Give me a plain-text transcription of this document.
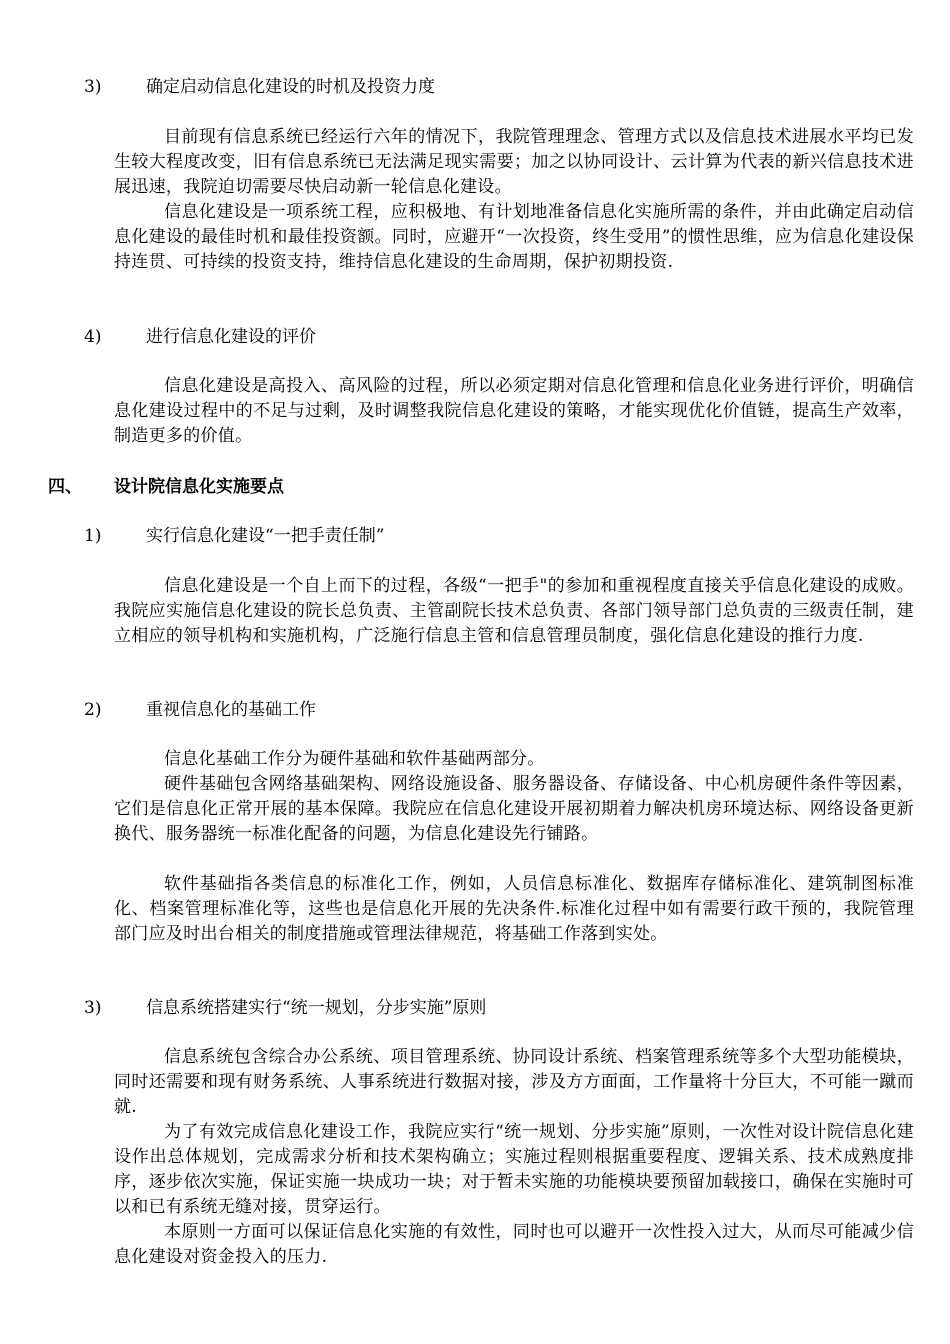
3)	确定启动信息化建设的时机及投资力度
目前现有信息系统已经运行六年的情况下，我院管理理念、管理方式以及信息技术进展水平均已发生较大程度改变，旧有信息系统已无法满足现实需要；加之以协同设计、云计算为代表的新兴信息技术进展迅速，我院迫切需要尽快启动新一轮信息化建设。
信息化建设是一项系统工程，应积极地、有计划地准备信息化实施所需的条件，并由此确定启动信息化建设的最佳时机和最佳投资额。同时，应避开“一次投资，终生受用”的惯性思维，应为信息化建设保持连贯、可持续的投资支持，维持信息化建设的生命周期，保护初期投资.
4)	进行信息化建设的评价
信息化建设是高投入、高风险的过程，所以必须定期对信息化管理和信息化业务进行评价，明确信息化建设过程中的不足与过剩，及时调整我院信息化建设的策略，才能实现优化价值链，提高生产效率，制造更多的价值。
四、 设计院信息化实施要点
1)	实行信息化建设“一把手责任制”
信息化建设是一个自上而下的过程，各级“一把手"的参加和重视程度直接关乎信息化建设的成败。我院应实施信息化建设的院长总负责、主管副院长技术总负责、各部门领导部门总负责的三级责任制，建立相应的领导机构和实施机构，广泛施行信息主管和信息管理员制度，强化信息化建设的推行力度.
2)	重视信息化的基础工作
信息化基础工作分为硬件基础和软件基础两部分。
硬件基础包含网络基础架构、网络设施设备、服务器设备、存储设备、中心机房硬件条件等因素，它们是信息化正常开展的基本保障。我院应在信息化建设开展初期着力解决机房环境达标、网络设备更新换代、服务器统一标准化配备的问题，为信息化建设先行铺路。
软件基础指各类信息的标准化工作，例如，人员信息标准化、数据库存储标准化、建筑制图标准化、档案管理标准化等，这些也是信息化开展的先决条件.标准化过程中如有需要行政干预的，我院管理部门应及时出台相关的制度措施或管理法律规范，将基础工作落到实处。
3)	信息系统搭建实行“统一规划，分步实施”原则
信息系统包含综合办公系统、项目管理系统、协同设计系统、档案管理系统等多个大型功能模块，同时还需要和现有财务系统、人事系统进行数据对接，涉及方方面面，工作量将十分巨大，不可能一蹴而就.
为了有效完成信息化建设工作，我院应实行“统一规划、分步实施”原则，一次性对设计院信息化建设作出总体规划，完成需求分析和技术架构确立；实施过程则根据重要程度、逻辑关系、技术成熟度排序，逐步依次实施，保证实施一块成功一块；对于暂未实施的功能模块要预留加载接口，确保在实施时可以和已有系统无缝对接，贯穿运行。
本原则一方面可以保证信息化实施的有效性，同时也可以避开一次性投入过大，从而尽可能减少信息化建设对资金投入的压力.
